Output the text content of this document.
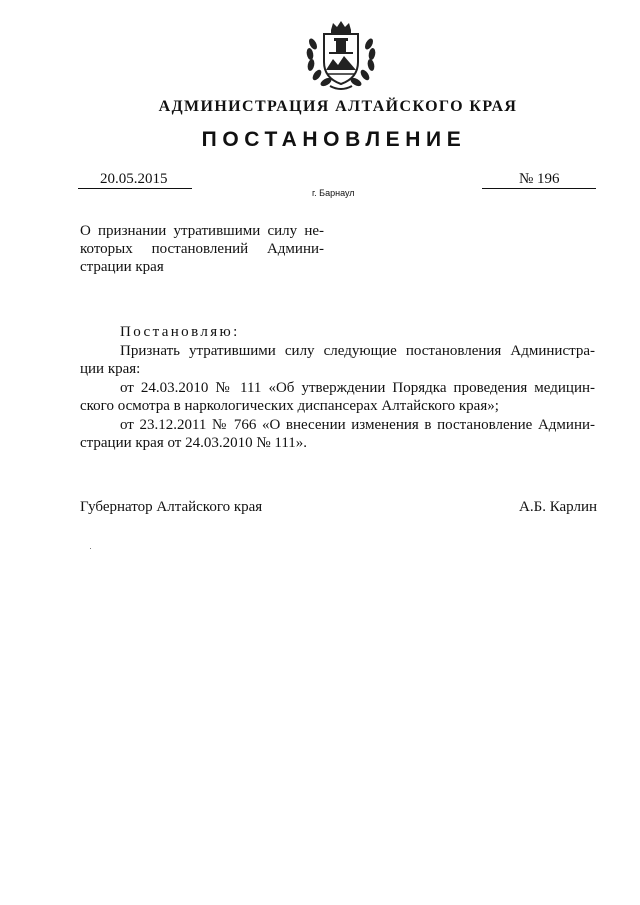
АДМИНИСТРАЦИЯ АЛТАЙСКОГО КРАЯ
ПОСТАНОВЛЕНИЕ
20.05.2015	№ 196
г. Барнаул
О признании утратившими силу не-
которых постановлений Админи-
страции края
Постановляю:
Признать утратившими силу следующие постановления Администра-
ции края:
от 24.03.2010 № 111 «Об утверждении Порядка проведения медицин-
ского осмотра в наркологических диспансерах Алтайского края»;
от 23.12.2011 № 766 «О внесении изменения в постановление Админи-
страции края от 24.03.2010 № 111».
Губернатор Алтайского края	А.Б. Карлин
